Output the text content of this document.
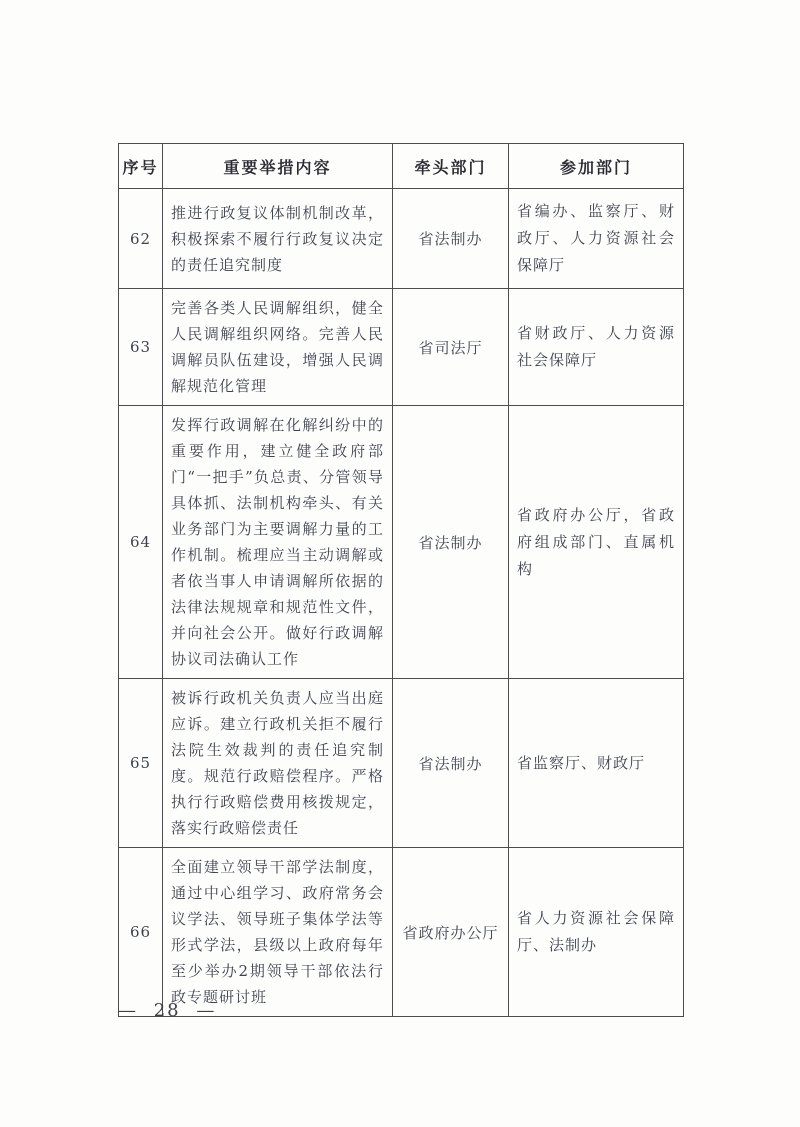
序号	重要举措内容	牵头部门	参加部门
62	推进行政复议体制机制改革，积极探索不履行行政复议决定的责任追究制度	省法制办	省编办、监察厅、财政厅、人力资源社会保障厅
63	完善各类人民调解组织，健全人民调解组织网络。完善人民调解员队伍建设，增强人民调解规范化管理	省司法厅	省财政厅、人力资源社会保障厅
64	发挥行政调解在化解纠纷中的重要作用，建立健全政府部门“一把手”负总责、分管领导具体抓、法制机构牵头、有关业务部门为主要调解力量的工作机制。梳理应当主动调解或者依当事人申请调解所依据的法律法规规章和规范性文件，并向社会公开。做好行政调解协议司法确认工作	省法制办	省政府办公厅，省政府组成部门、直属机构
65	被诉行政机关负责人应当出庭应诉。建立行政机关拒不履行法院生效裁判的责任追究制度。规范行政赔偿程序。严格执行行政赔偿费用核拨规定，落实行政赔偿责任	省法制办	省监察厅、财政厅
66	全面建立领导干部学法制度，通过中心组学习、政府常务会议学法、领导班子集体学法等形式学法，县级以上政府每年至少举办2期领导干部依法行政专题研讨班	省政府办公厅	省人力资源社会保障厅、法制办
— 28 —
